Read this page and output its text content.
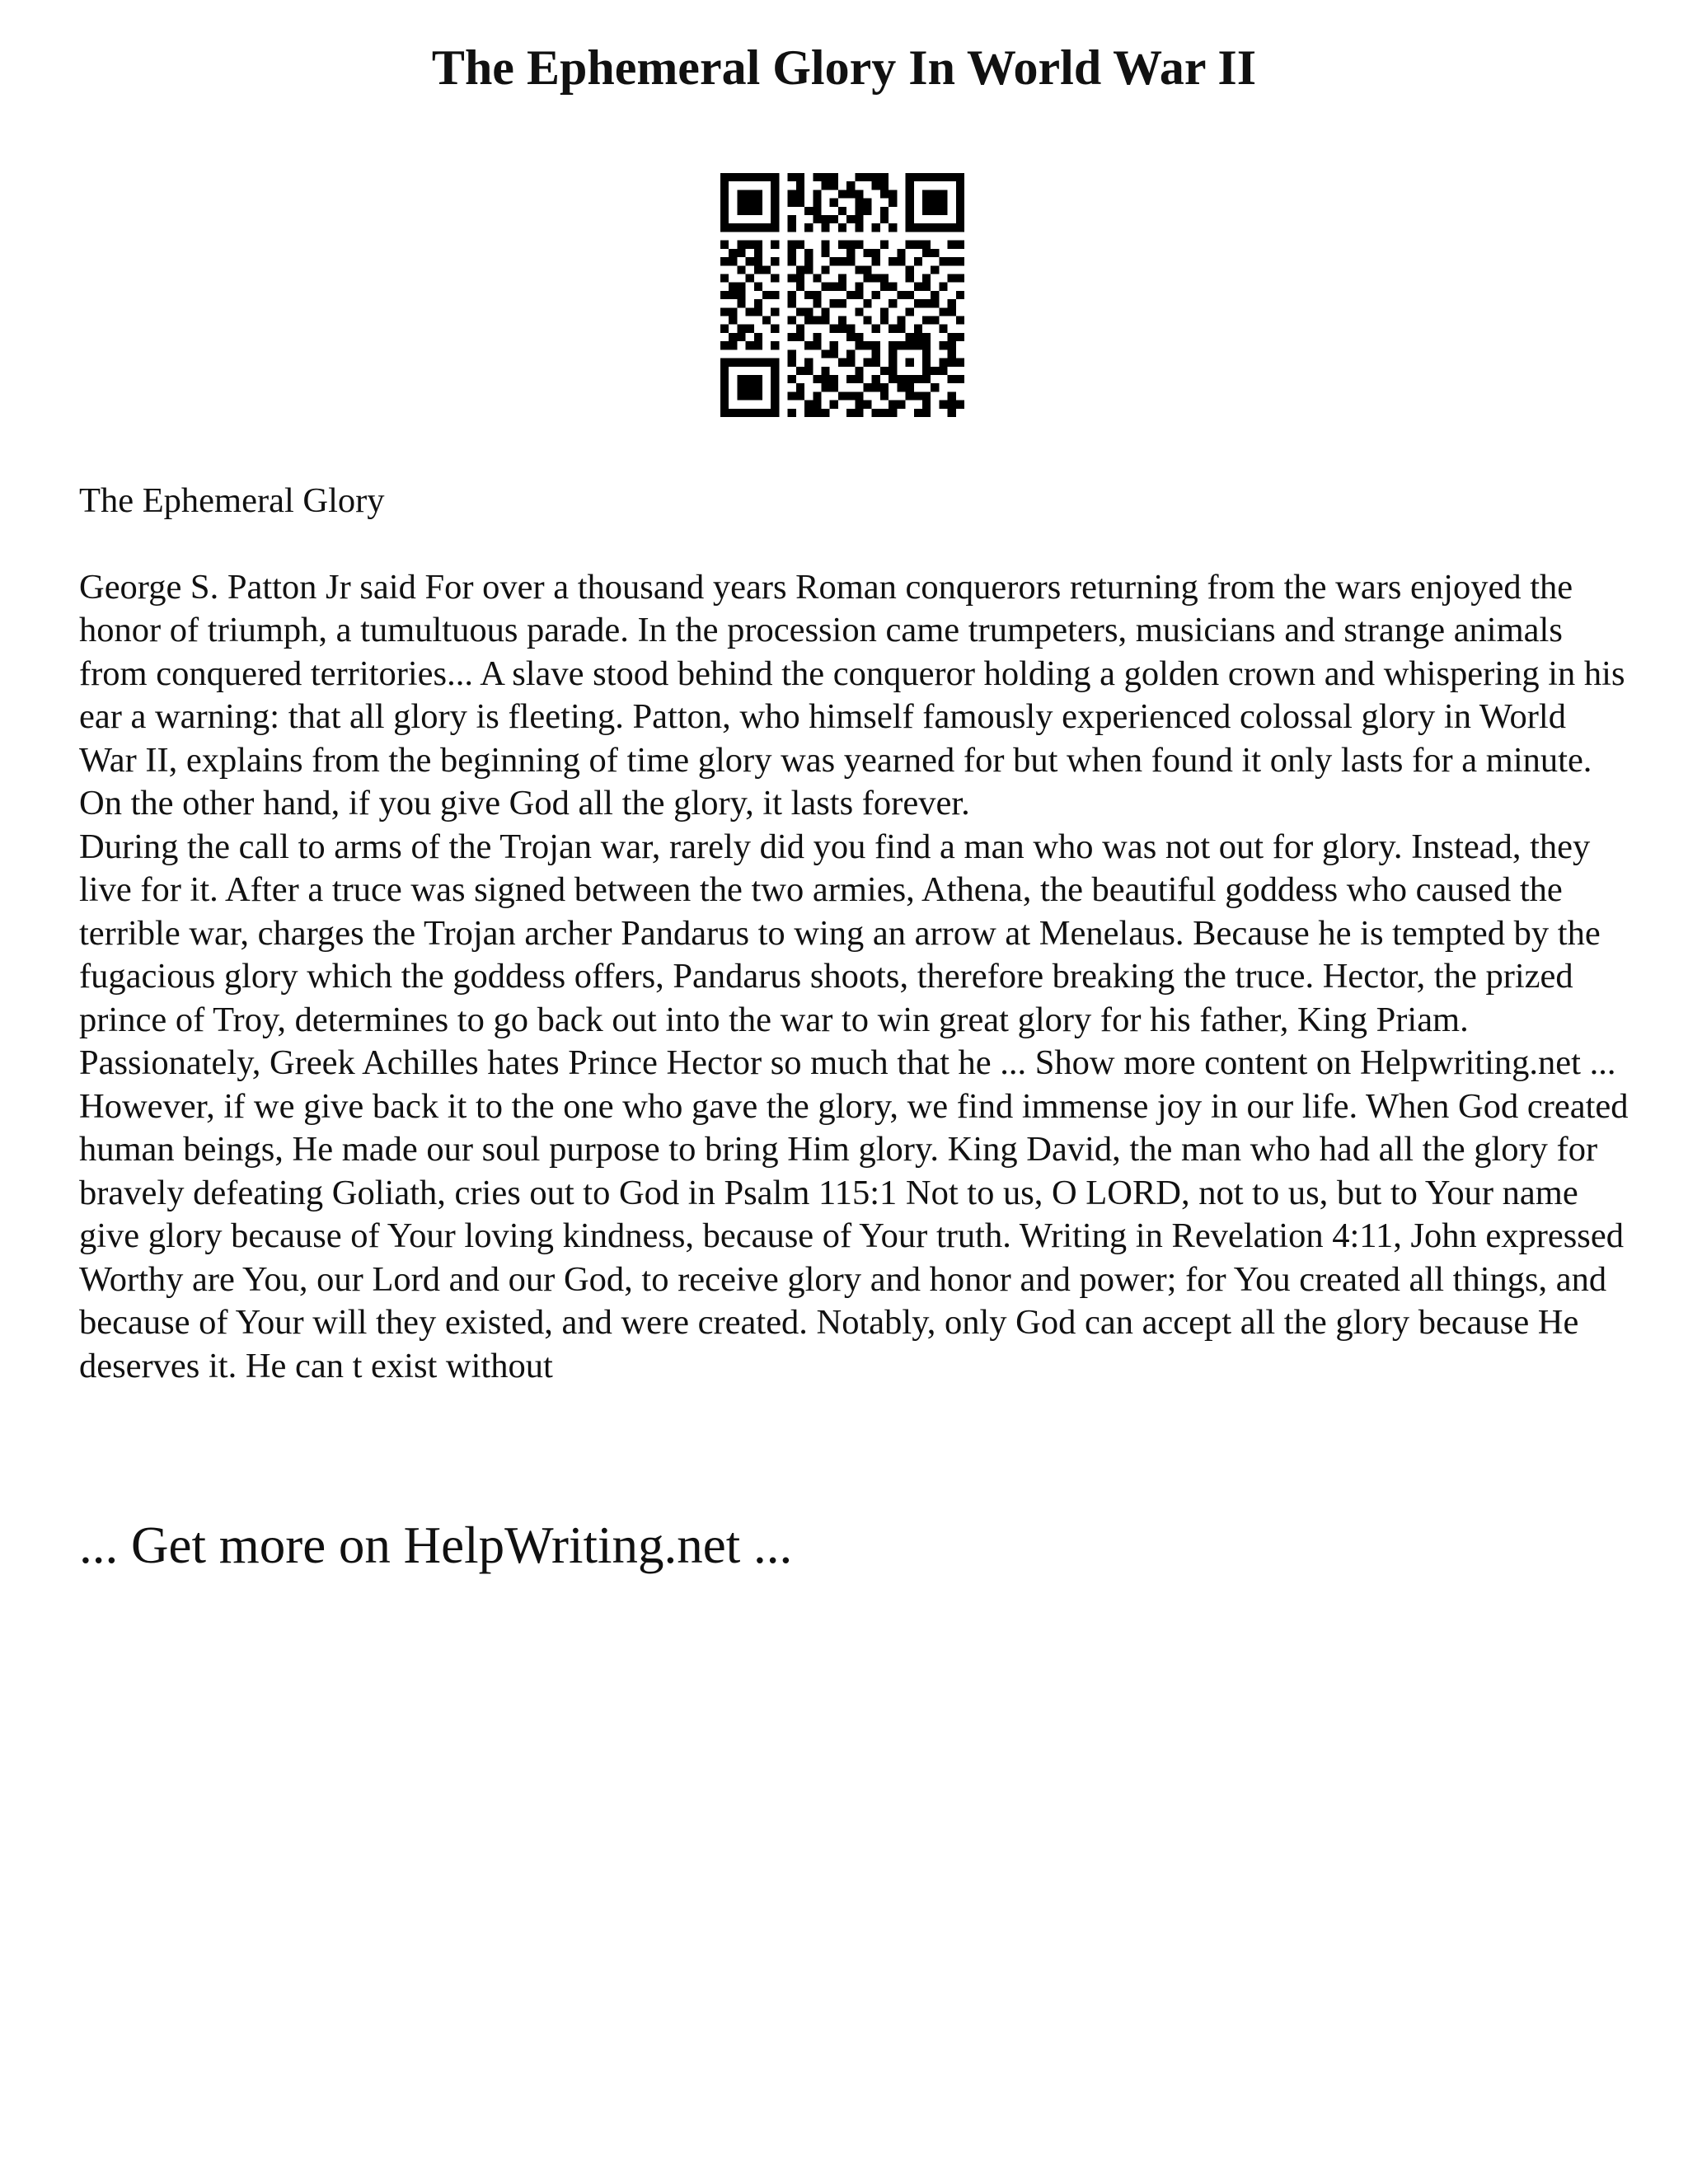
The Ephemeral Glory In World War II

The Ephemeral Glory

George S. Patton Jr said For over a thousand years Roman conquerors returning from the wars enjoyed the honor of triumph, a tumultuous parade. In the procession came trumpeters, musicians and strange animals from conquered territories... A slave stood behind the conqueror holding a golden crown and whispering in his ear a warning: that all glory is fleeting. Patton, who himself famously experienced colossal glory in World War II, explains from the beginning of time glory was yearned for but when found it only lasts for a minute. On the other hand, if you give God all the glory, it lasts forever.

During the call to arms of the Trojan war, rarely did you find a man who was not out for glory. Instead, they live for it. After a truce was signed between the two armies, Athena, the beautiful goddess who caused the terrible war, charges the Trojan archer Pandarus to wing an arrow at Menelaus. Because he is tempted by the fugacious glory which the goddess offers, Pandarus shoots, therefore breaking the truce. Hector, the prized prince of Troy, determines to go back out into the war to win great glory for his father, King Priam. Passionately, Greek Achilles hates Prince Hector so much that he ... Show more content on Helpwriting.net ...

However, if we give back it to the one who gave the glory, we find immense joy in our life. When God created human beings, He made our soul purpose to bring Him glory. King David, the man who had all the glory for bravely defeating Goliath, cries out to God in Psalm 115:1 Not to us, O LORD, not to us, but to Your name give glory because of Your loving kindness, because of Your truth. Writing in Revelation 4:11, John expressed Worthy are You, our Lord and our God, to receive glory and honor and power; for You created all things, and because of Your will they existed, and were created. Notably, only God can accept all the glory because He deserves it. He can t exist without

... Get more on HelpWriting.net ...
